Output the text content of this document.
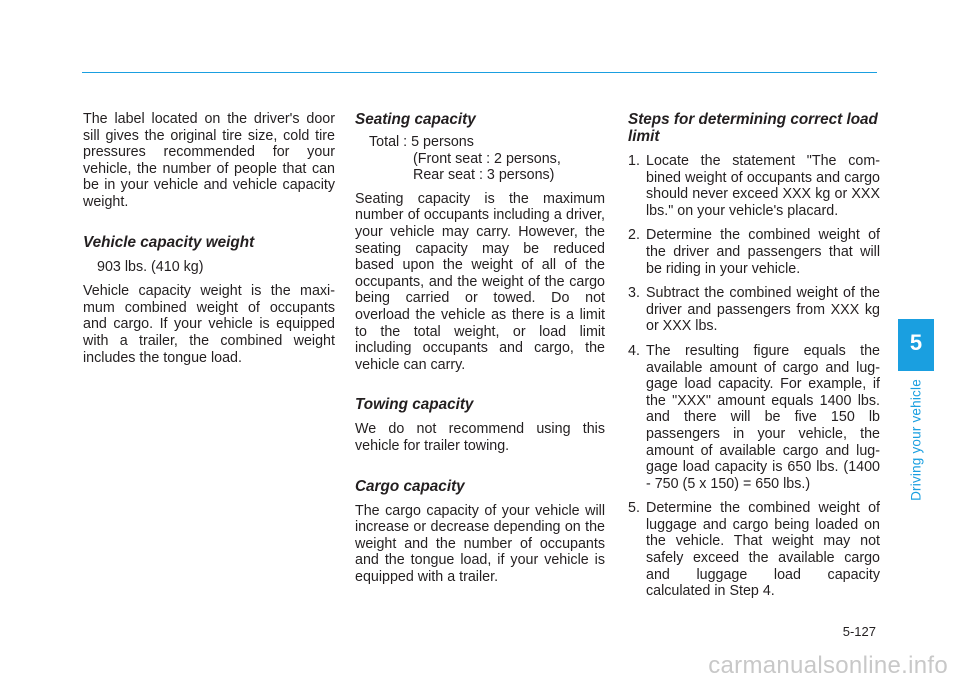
The label located on the driver's door sill gives the original tire size, cold tire pressures recommended for your vehicle, the number of people that can be in your vehicle and vehicle capacity weight.

Vehicle capacity weight

903 lbs. (410 kg)

Vehicle capacity weight is the maxi-mum combined weight of occupants and cargo. If your vehicle is equipped with a trailer, the combined weight includes the tongue load.

Seating capacity
Total : 5 persons
(Front seat : 2 persons,
Rear seat : 3 persons)

Seating capacity is the maximum number of occupants including a driver, your vehicle may carry. However, the seating capacity may be reduced based upon the weight of all of the occupants, and the weight of the cargo being carried or towed. Do not overload the vehicle as there is a limit to the total weight, or load limit including occupants and cargo, the vehicle can carry.

Towing capacity

We do not recommend using this vehicle for trailer towing.

Cargo capacity

The cargo capacity of your vehicle will increase or decrease depending on the weight and the number of occupants and the tongue load, if your vehicle is equipped with a trailer.

Steps for determining correct load limit
1. Locate the statement "The com-bined weight of occupants and cargo should never exceed XXX kg or XXX lbs." on your vehicle's placard.
2. Determine the combined weight of the driver and passengers that will be riding in your vehicle.
3. Subtract the combined weight of the driver and passengers from XXX kg or XXX lbs.
4. The resulting figure equals the available amount of cargo and lug-gage load capacity. For example, if the "XXX" amount equals 1400 lbs. and there will be five 150 lb passengers in your vehicle, the amount of available cargo and lug-gage load capacity is 650 lbs. (1400 - 750 (5 x 150) = 650 lbs.)
5. Determine the combined weight of luggage and cargo being loaded on the vehicle. That weight may not safely exceed the available cargo and luggage load capacity calculated in Step 4.
5
Driving your vehicle
5-127
carmanualsonline.info
